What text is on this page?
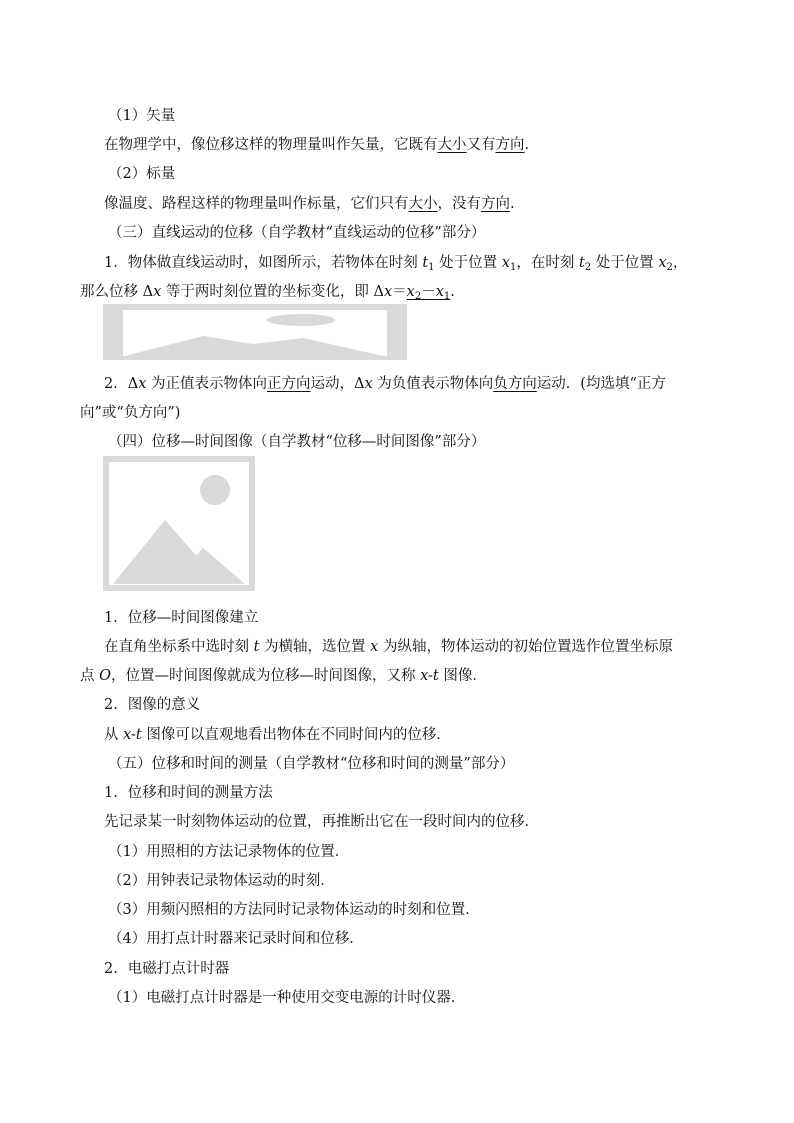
（1）矢量
在物理学中，像位移这样的物理量叫作矢量，它既有大小又有方向.
（2）标量
像温度、路程这样的物理量叫作标量，它们只有大小，没有方向.
（三）直线运动的位移（自学教材“直线运动的位移”部分）
1．物体做直线运动时，如图所示，若物体在时刻 $t_1$ 处于位置 $x_1$，在时刻 $t_2$ 处于位置 $x_2$，
那么位移 Δx 等于两时刻位置的坐标变化，即 $\Delta x=x_2-x_1$.
2．Δx 为正值表示物体向正方向运动，Δx 为负值表示物体向负方向运动．(均选填“正方
向”或“负方向”)
（四）位移—时间图像（自学教材“位移—时间图像”部分）
1．位移—时间图像建立
在直角坐标系中选时刻 t 为横轴，选位置 x 为纵轴，物体运动的初始位置选作位置坐标原
点 O，位置—时间图像就成为位移—时间图像，又称 x-t 图像．
2．图像的意义
从 x-t 图像可以直观地看出物体在不同时间内的位移．
（五）位移和时间的测量（自学教材“位移和时间的测量”部分）
1．位移和时间的测量方法
先记录某一时刻物体运动的位置，再推断出它在一段时间内的位移．
（1）用照相的方法记录物体的位置．
（2）用钟表记录物体运动的时刻．
（3）用频闪照相的方法同时记录物体运动的时刻和位置．
（4）用打点计时器来记录时间和位移．
2．电磁打点计时器
（1）电磁打点计时器是一种使用交变电源的计时仪器．
